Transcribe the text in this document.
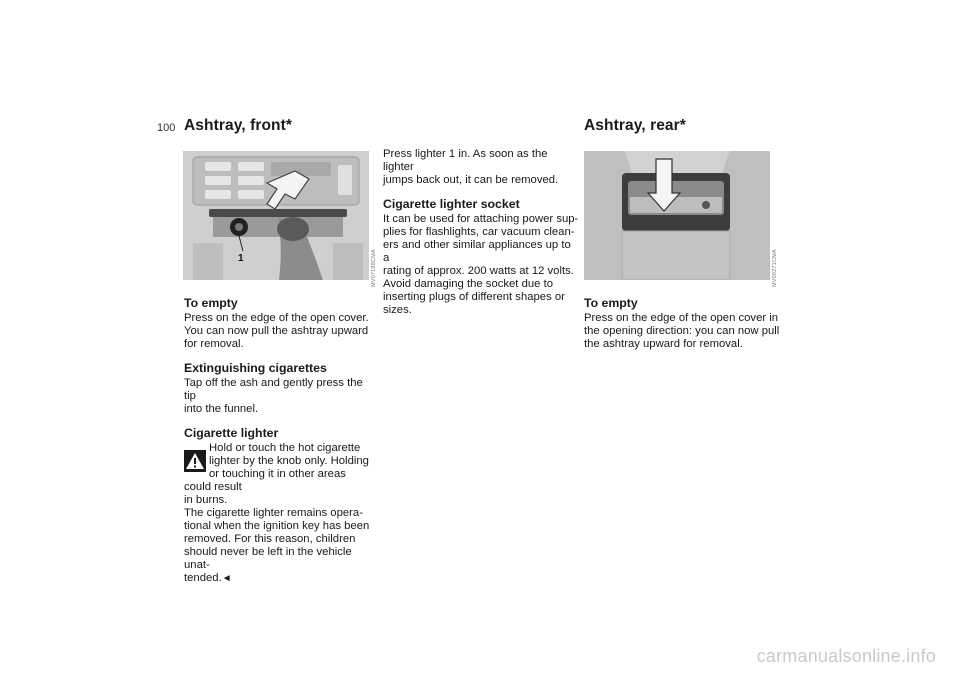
100 Ashtray, front*	Ashtray, rear*
1	MV07198CMA	MV09271CMA
To empty

Press on the edge of the open cover.

You can now pull the ashtray upward

for removal.

Extinguishing cigarettes

Tap off the ash and gently press the tip

into the funnel.

Cigarette lighter

Hold or touch the hot cigarette

lighter by the knob only. Holding

or touching it in other areas could result

in burns.

The cigarette lighter remains opera-

tional when the ignition key has been

removed. For this reason, children

should never be left in the vehicle unat-

tended.◄

Press lighter 1 in. As soon as the lighter

jumps back out, it can be removed.

Cigarette lighter socket

It can be used for attaching power sup-

plies for flashlights, car vacuum clean-

ers and other similar appliances up to a

rating of approx. 200 watts at 12 volts.

Avoid damaging the socket due to

inserting plugs of different shapes or

sizes.	To empty

Press on the edge of the open cover in

the opening direction: you can now pull

the ashtray upward for removal.

carmanualsonline.info
